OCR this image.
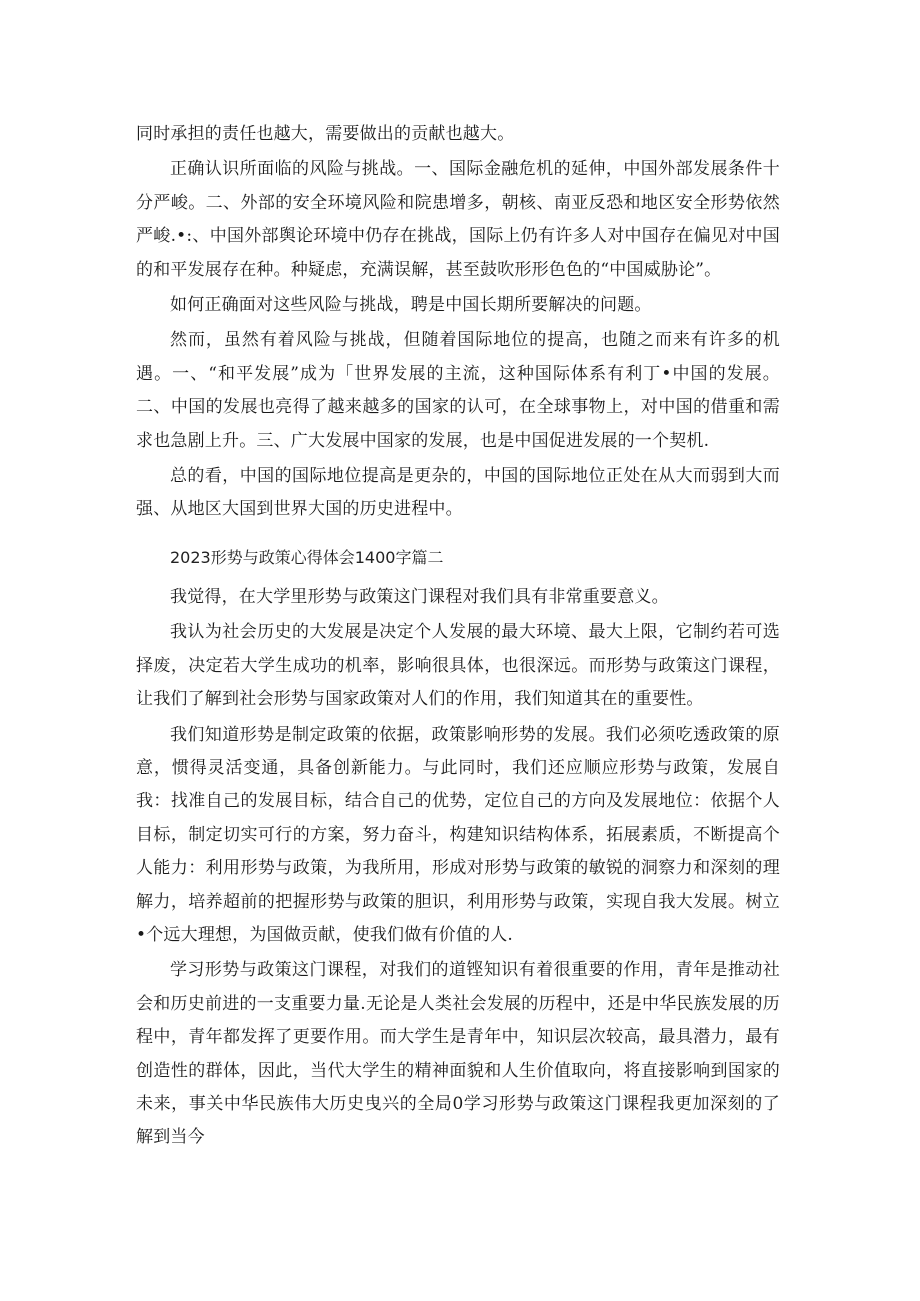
同时承担的责任也越大，需要做出的贡献也越大。

正确认识所面临的风险与挑战。一、国际金融危机的延伸，中国外部发展条件十分严峻。二、外部的安全环境风险和院患增多，朝核、南亚反恐和地区安全形势依然严峻.•:、中国外部舆论环境中仍存在挑战，国际上仍有许多人对中国存在偏见对中国的和平发展存在种。种疑虑，充满误解，甚至鼓吹形形色色的“中国威胁论”。

如何正确面对这些风险与挑战，聘是中国长期所要解决的问题。

然而，虽然有着风险与挑战，但随着国际地位的提高，也随之而来有许多的机遇。一、“和平发展”成为「世界发展的主流，这种国际体系有利丁•中国的发展。二、中国的发展也亮得了越来越多的国家的认可，在全球事物上，对中国的借重和需求也急剧上升。三、广大发展中国家的发展，也是中国促进发展的一个契机.

总的看，中国的国际地位提高是更杂的，中国的国际地位正处在从大而弱到大而强、从地区大国到世界大国的历史进程中。

2023形势与政策心得体会1400字篇二

我觉得，在大学里形势与政策这门课程对我们具有非常重要意义。

我认为社会历史的大发展是决定个人发展的最大环境、最大上限，它制约若可选择废，决定若大学生成功的机率，影响很具体，也很深远。而形势与政策这门课程，让我们了解到社会形势与国家政策对人们的作用，我们知道其在的重要性。

我们知道形势是制定政策的依据，政策影响形势的发展。我们必须吃透政策的原意，惯得灵活变通，具备创新能力。与此同时，我们还应顺应形势与政策，发展自我：找准自己的发展目标，结合自己的优势，定位自己的方向及发展地位：依据个人目标，制定切实可行的方案，努力奋斗，构建知识结构体系，拓展素质，不断提高个人能力：利用形势与政策，为我所用，形成对形势与政策的敏锐的洞察力和深刻的理解力，培养超前的把握形势与政策的胆识，利用形势与政策，实现自我大发展。树立•个远大理想，为国做贡献，使我们做有价值的人.

学习形势与政策这门课程，对我们的道铿知识有着很重要的作用，青年是推动社会和历史前进的一支重要力量.无论是人类社会发展的历程中，还是中华民族发展的历程中，青年都发挥了更要作用。而大学生是青年中，知识层次较高，最具潜力，最有创造性的群体，因此，当代大学生的精神面貌和人生价值取向，将直接影响到国家的未来，事关中华民族伟大历史曳兴的全局0学习形势与政策这门课程我更加深刻的了解到当今
